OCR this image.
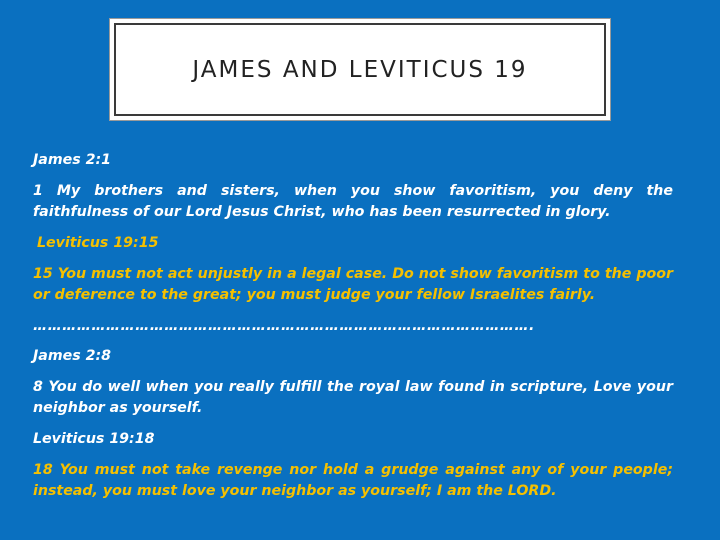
JAMES AND LEVITICUS 19

James 2:1

1 My brothers and sisters, when you show favoritism, you deny the faithfulness of our Lord Jesus Christ, who has been resurrected in glory.

Leviticus 19:15

15 You must not act unjustly in a legal case. Do not show favoritism to the poor or deference to the great; you must judge your fellow Israelites fairly.

………………………………………………………………………………………….

James 2:8

8 You do well when you really fulfill the royal law found in scripture, Love your neighbor as yourself.

Leviticus 19:18

18 You must not take revenge nor hold a grudge against any of your people; instead, you must love your neighbor as yourself; I am the LORD.
